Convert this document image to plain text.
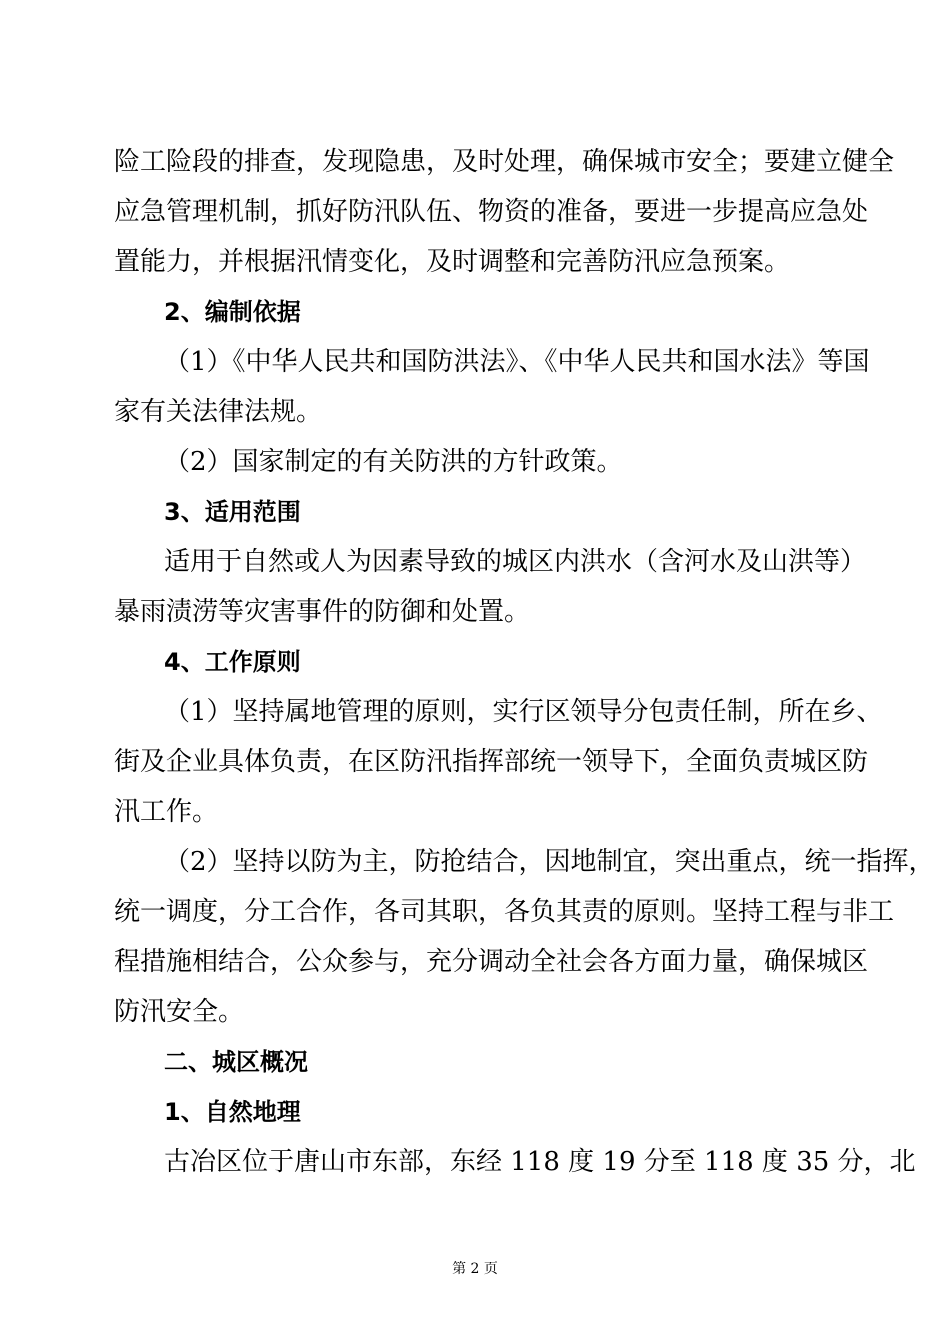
险工险段的排查，发现隐患，及时处理，确保城市安全；要建立健全
应急管理机制，抓好防汛队伍、物资的准备，要进一步提高应急处
置能力，并根据汛情变化，及时调整和完善防汛应急预案。
2、编制依据
（1）《中华人民共和国防洪法》、《中华人民共和国水法》等国
家有关法律法规。
（2）国家制定的有关防洪的方针政策。
3、适用范围
适用于自然或人为因素导致的城区内洪水（含河水及山洪等）
暴雨渍涝等灾害事件的防御和处置。
4、工作原则
（1）坚持属地管理的原则，实行区领导分包责任制，所在乡、
街及企业具体负责，在区防汛指挥部统一领导下，全面负责城区防
汛工作。
（2）坚持以防为主，防抢结合，因地制宜，突出重点，统一指挥，
统一调度，分工合作，各司其职，各负其责的原则。坚持工程与非工
程措施相结合，公众参与，充分调动全社会各方面力量，确保城区
防汛安全。
二、城区概况
1、自然地理
古冶区位于唐山市东部，东经 118 度 19 分至 118 度 35 分，北
第 2 页
